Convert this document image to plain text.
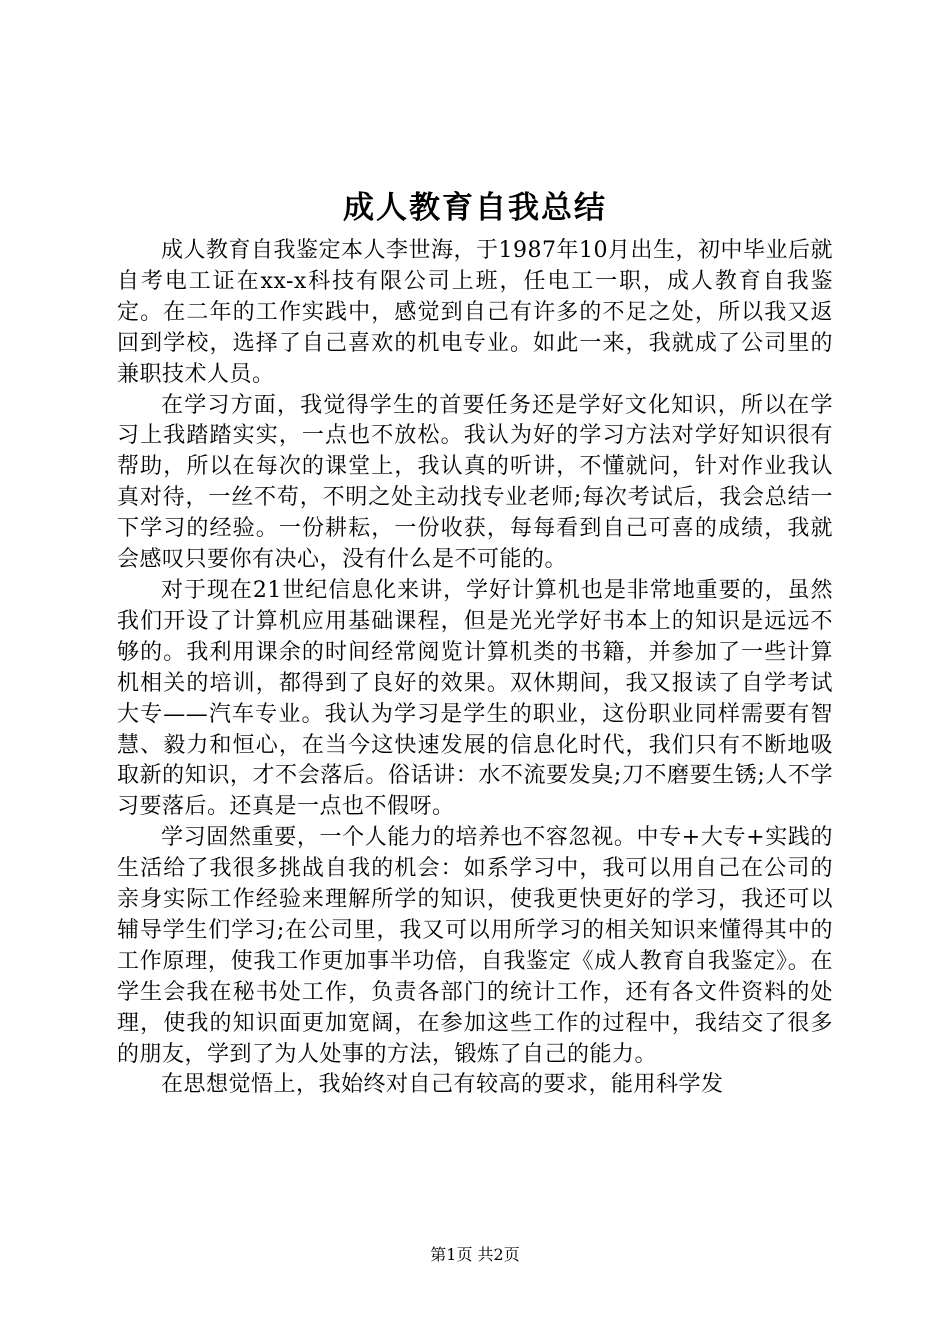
成人教育自我总结

成人教育自我鉴定本人李世海，于1987年10月出生，初中毕业后就自考电工证在xx-x科技有限公司上班，任电工一职，成人教育自我鉴定。在二年的工作实践中，感觉到自己有许多的不足之处，所以我又返回到学校，选择了自己喜欢的机电专业。如此一来，我就成了公司里的兼职技术人员。

在学习方面，我觉得学生的首要任务还是学好文化知识，所以在学习上我踏踏实实，一点也不放松。我认为好的学习方法对学好知识很有帮助，所以在每次的课堂上，我认真的听讲，不懂就问，针对作业我认真对待，一丝不苟，不明之处主动找专业老师;每次考试后，我会总结一下学习的经验。一份耕耘，一份收获，每每看到自己可喜的成绩，我就会感叹只要你有决心，没有什么是不可能的。

对于现在21世纪信息化来讲，学好计算机也是非常地重要的，虽然我们开设了计算机应用基础课程，但是光光学好书本上的知识是远远不够的。我利用课余的时间经常阅览计算机类的书籍，并参加了一些计算机相关的培训，都得到了良好的效果。双休期间，我又报读了自学考试大专——汽车专业。我认为学习是学生的职业，这份职业同样需要有智慧、毅力和恒心，在当今这快速发展的信息化时代，我们只有不断地吸取新的知识，才不会落后。俗话讲：水不流要发臭;刀不磨要生锈;人不学习要落后。还真是一点也不假呀。

学习固然重要，一个人能力的培养也不容忽视。中专+大专+实践的生活给了我很多挑战自我的机会：如系学习中，我可以用自己在公司的亲身实际工作经验来理解所学的知识，使我更快更好的学习，我还可以辅导学生们学习;在公司里，我又可以用所学习的相关知识来懂得其中的工作原理，使我工作更加事半功倍，自我鉴定《成人教育自我鉴定》。在学生会我在秘书处工作，负责各部门的统计工作，还有各文件资料的处理，使我的知识面更加宽阔，在参加这些工作的过程中，我结交了很多的朋友，学到了为人处事的方法，锻炼了自己的能力。

在思想觉悟上，我始终对自己有较高的要求，能用科学发

第1页 共2页
